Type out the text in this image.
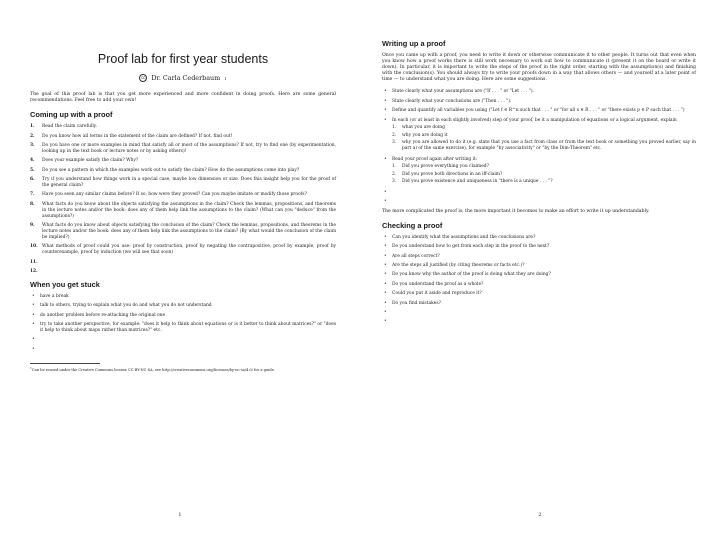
Proof lab for first year students
cc Dr. Carla Cederbaum 1

The goal of this proof lab is that you get more experienced and more confident in doing proofs. Here are some general recommendations. Feel free to add your own!

Coming up with a proof
1.	Read the claim carefully.
2.	Do you know how all terms in the statement of the claim are defined? If not, find out!
3.	Do you have one or more examples in mind that satisfy all or most of the assumptions? If not, try to find one (by experimentation, looking up in the text book or lecture notes or by asking others)!
4.	Does your example satisfy the claim? Why?
5.	Do you see a pattern in which the examples work out to satisfy the claim? How do the assumptions come into play?
6.	Try if you understand how things work in a special case, maybe low dimension or size. Does this insight help you for the proof of the general claim?
7.	Have you seen any similar claims before? If so, how were they proved? Can you maybe imitate or modify those proofs?
8.	What facts do you know about the objects satisfying the assumptions in the claim? Check the lemmas, propositions, and theorems in the lecture notes and/or the book: does any of them help link the assumptions to the claim? (What can you "deduce" from the assumptions?)
9.	What facts do you know about objects satisfying the conclusion of the claim? Check the lemmas, propositions, and theorems in the lecture notes and/or the book: does any of them help link the assumptions to the claim? (By what would the conclusion of the claim be implied?)
10. What methods of proof could you use: proof by construction, proof by negating the contrapositive, proof by example, proof by counterexample, proof by induction (we will see that soon)
11.
12.
When you get stuck
•	have a break
•	talk to others, trying to explain what you do and what you do not understand
•	do another problem before re-attacking the original one
•	try to take another perspective, for example: "does it help to think about equations or is it better to think about matrices?" or "does it help to think about maps rather than matrices?" etc.
•
•
$^1$Can be reused under the Creative Commons license CC BY-NC-SA, see http://creativecommons.org/licenses/by-nc-sa/4.0/ for a guide.
1
Writing up a proof

Once you came up with a proof, you need to write it down or otherwise communicate it to other people. It turns out that even when you know how a proof works there is still work necessary to work out how to communicate it (present it on the board or write it down). In particular, it is important to write the steps of the proof in the right order, starting with the assumption(s) and finishing with the conclusion(s). You should always try to write your proofs down in a way that allows others — and yourself at a later point of time — to understand what you are doing. Here are some suggestions.

•	State clearly what your assumptions are ("If . . . " or "Let . . . ").
•	State clearly what your conclusions are ("Then . . . ").
•	Define and quantify all variables you using ("Let f ∈ R^n such that . . . " or "for all x ∈ R . . . " or "there exists p ∈ P such that . . . ")
•	In each (or at least in each slightly involved) step of your proof, be it a manipulation of equations or a logical argument, explain
1.	what you are doing
2.	why you are doing it
3.	why you are allowed to do it (e.g. state that you use a fact from class or from the text book or something you proved earlier, say in part a) of the same exercise), for example "by associativity" or "by the Dim-Theorem" etc.
•	Read your proof again after writing it:
1.	Did you prove everything you claimed?
2.	Did you prove both directions in an iff-claim?
3.	Did you prove existence and uniqueness in "there is a unique . . . "?
•
•

The more complicated the proof is, the more important it becomes to make an effort to write it up understandably.

Checking a proof
•	Can you identify what the assumptions and the conclusions are?
•	Do you understand how to get from each step in the proof to the next?
•	Are all steps correct?
•	Are the steps all justified (by citing theorems or facts etc.)?
•	Do you know why the author of the proof is doing what they are doing?
•	Do you understand the proof as a whole?
•	Could you put it aside and reproduce it?
•	Do you find mistakes?
•
•
2
